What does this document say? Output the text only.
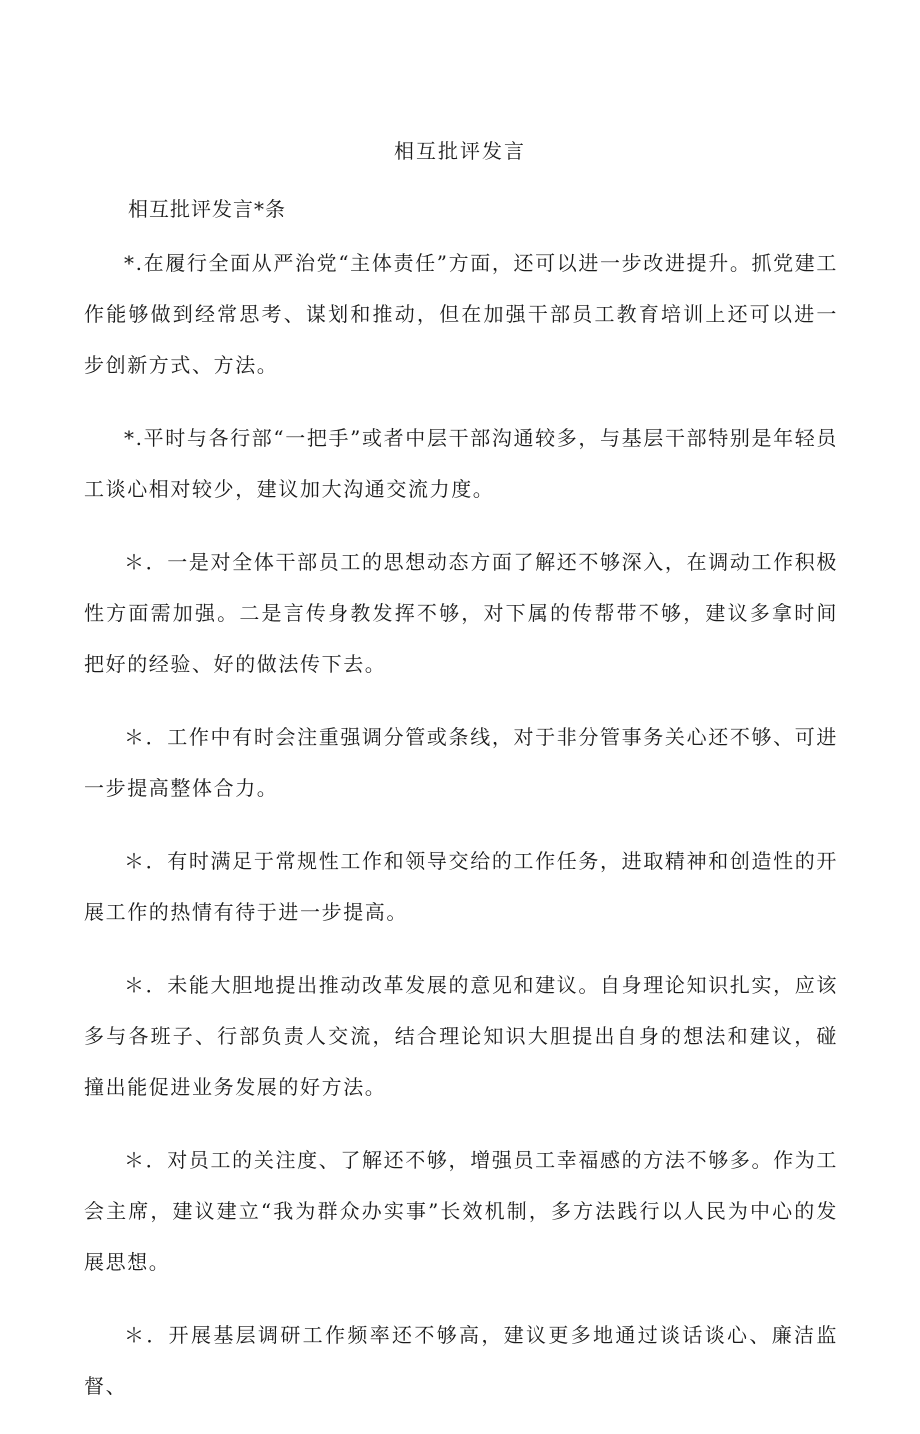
相互批评发言

相互批评发言*条

*.在履行全面从严治党“主体责任”方面，还可以进一步改进提升。抓党建工作能够做到经常思考、谋划和推动，但在加强干部员工教育培训上还可以进一步创新方式、方法。

*.平时与各行部“一把手”或者中层干部沟通较多，与基层干部特别是年轻员工谈心相对较少，建议加大沟通交流力度。

＊．一是对全体干部员工的思想动态方面了解还不够深入，在调动工作积极性方面需加强。二是言传身教发挥不够，对下属的传帮带不够，建议多拿时间把好的经验、好的做法传下去。

＊．工作中有时会注重强调分管或条线，对于非分管事务关心还不够、可进一步提高整体合力。

＊．有时满足于常规性工作和领导交给的工作任务，进取精神和创造性的开展工作的热情有待于进一步提高。

＊．未能大胆地提出推动改革发展的意见和建议。自身理论知识扎实，应该多与各班子、行部负责人交流，结合理论知识大胆提出自身的想法和建议，碰撞出能促进业务发展的好方法。

＊．对员工的关注度、了解还不够，增强员工幸福感的方法不够多。作为工会主席，建议建立“我为群众办实事”长效机制，多方法践行以人民为中心的发展思想。

＊．开展基层调研工作频率还不够高，建议更多地通过谈话谈心、廉洁监督、
